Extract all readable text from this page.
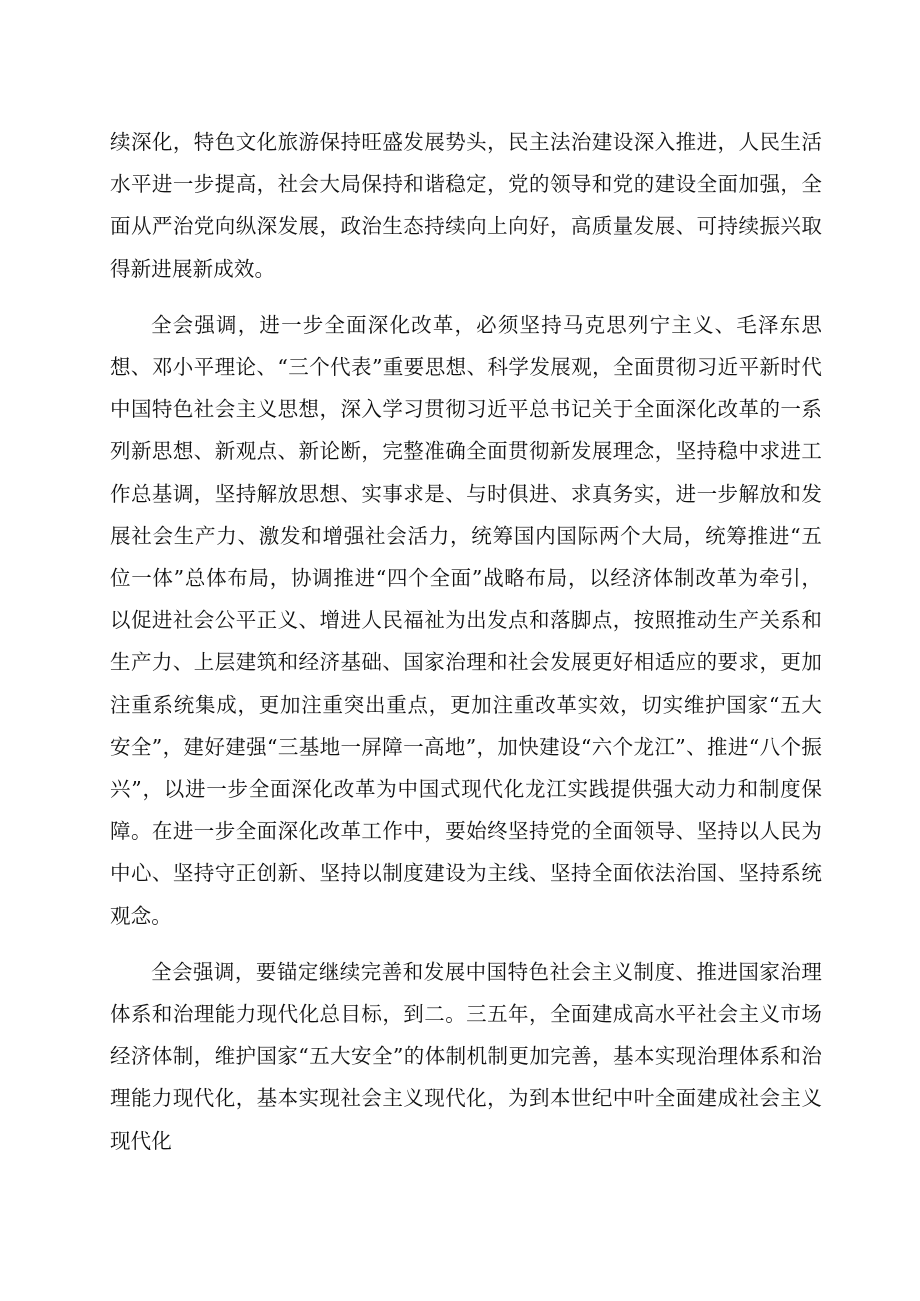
续深化，特色文化旅游保持旺盛发展势头，民主法治建设深入推进，人民生活水平进一步提高，社会大局保持和谐稳定，党的领导和党的建设全面加强，全面从严治党向纵深发展，政治生态持续向上向好，高质量发展、可持续振兴取得新进展新成效。

全会强调，进一步全面深化改革，必须坚持马克思列宁主义、毛泽东思想、邓小平理论、“三个代表”重要思想、科学发展观，全面贯彻习近平新时代中国特色社会主义思想，深入学习贯彻习近平总书记关于全面深化改革的一系列新思想、新观点、新论断，完整准确全面贯彻新发展理念，坚持稳中求进工作总基调，坚持解放思想、实事求是、与时俱进、求真务实，进一步解放和发展社会生产力、激发和增强社会活力，统筹国内国际两个大局，统筹推进“五位一体”总体布局，协调推进“四个全面”战略布局，以经济体制改革为牵引，以促进社会公平正义、增进人民福祉为出发点和落脚点，按照推动生产关系和生产力、上层建筑和经济基础、国家治理和社会发展更好相适应的要求，更加注重系统集成，更加注重突出重点，更加注重改革实效，切实维护国家“五大安全”，建好建强“三基地一屏障一高地”，加快建设“六个龙江”、推进“八个振兴”，以进一步全面深化改革为中国式现代化龙江实践提供强大动力和制度保障。在进一步全面深化改革工作中，要始终坚持党的全面领导、坚持以人民为中心、坚持守正创新、坚持以制度建设为主线、坚持全面依法治国、坚持系统观念。

全会强调，要锚定继续完善和发展中国特色社会主义制度、推进国家治理体系和治理能力现代化总目标，到二。三五年，全面建成高水平社会主义市场经济体制，维护国家“五大安全”的体制机制更加完善，基本实现治理体系和治理能力现代化，基本实现社会主义现代化，为到本世纪中叶全面建成社会主义现代化
